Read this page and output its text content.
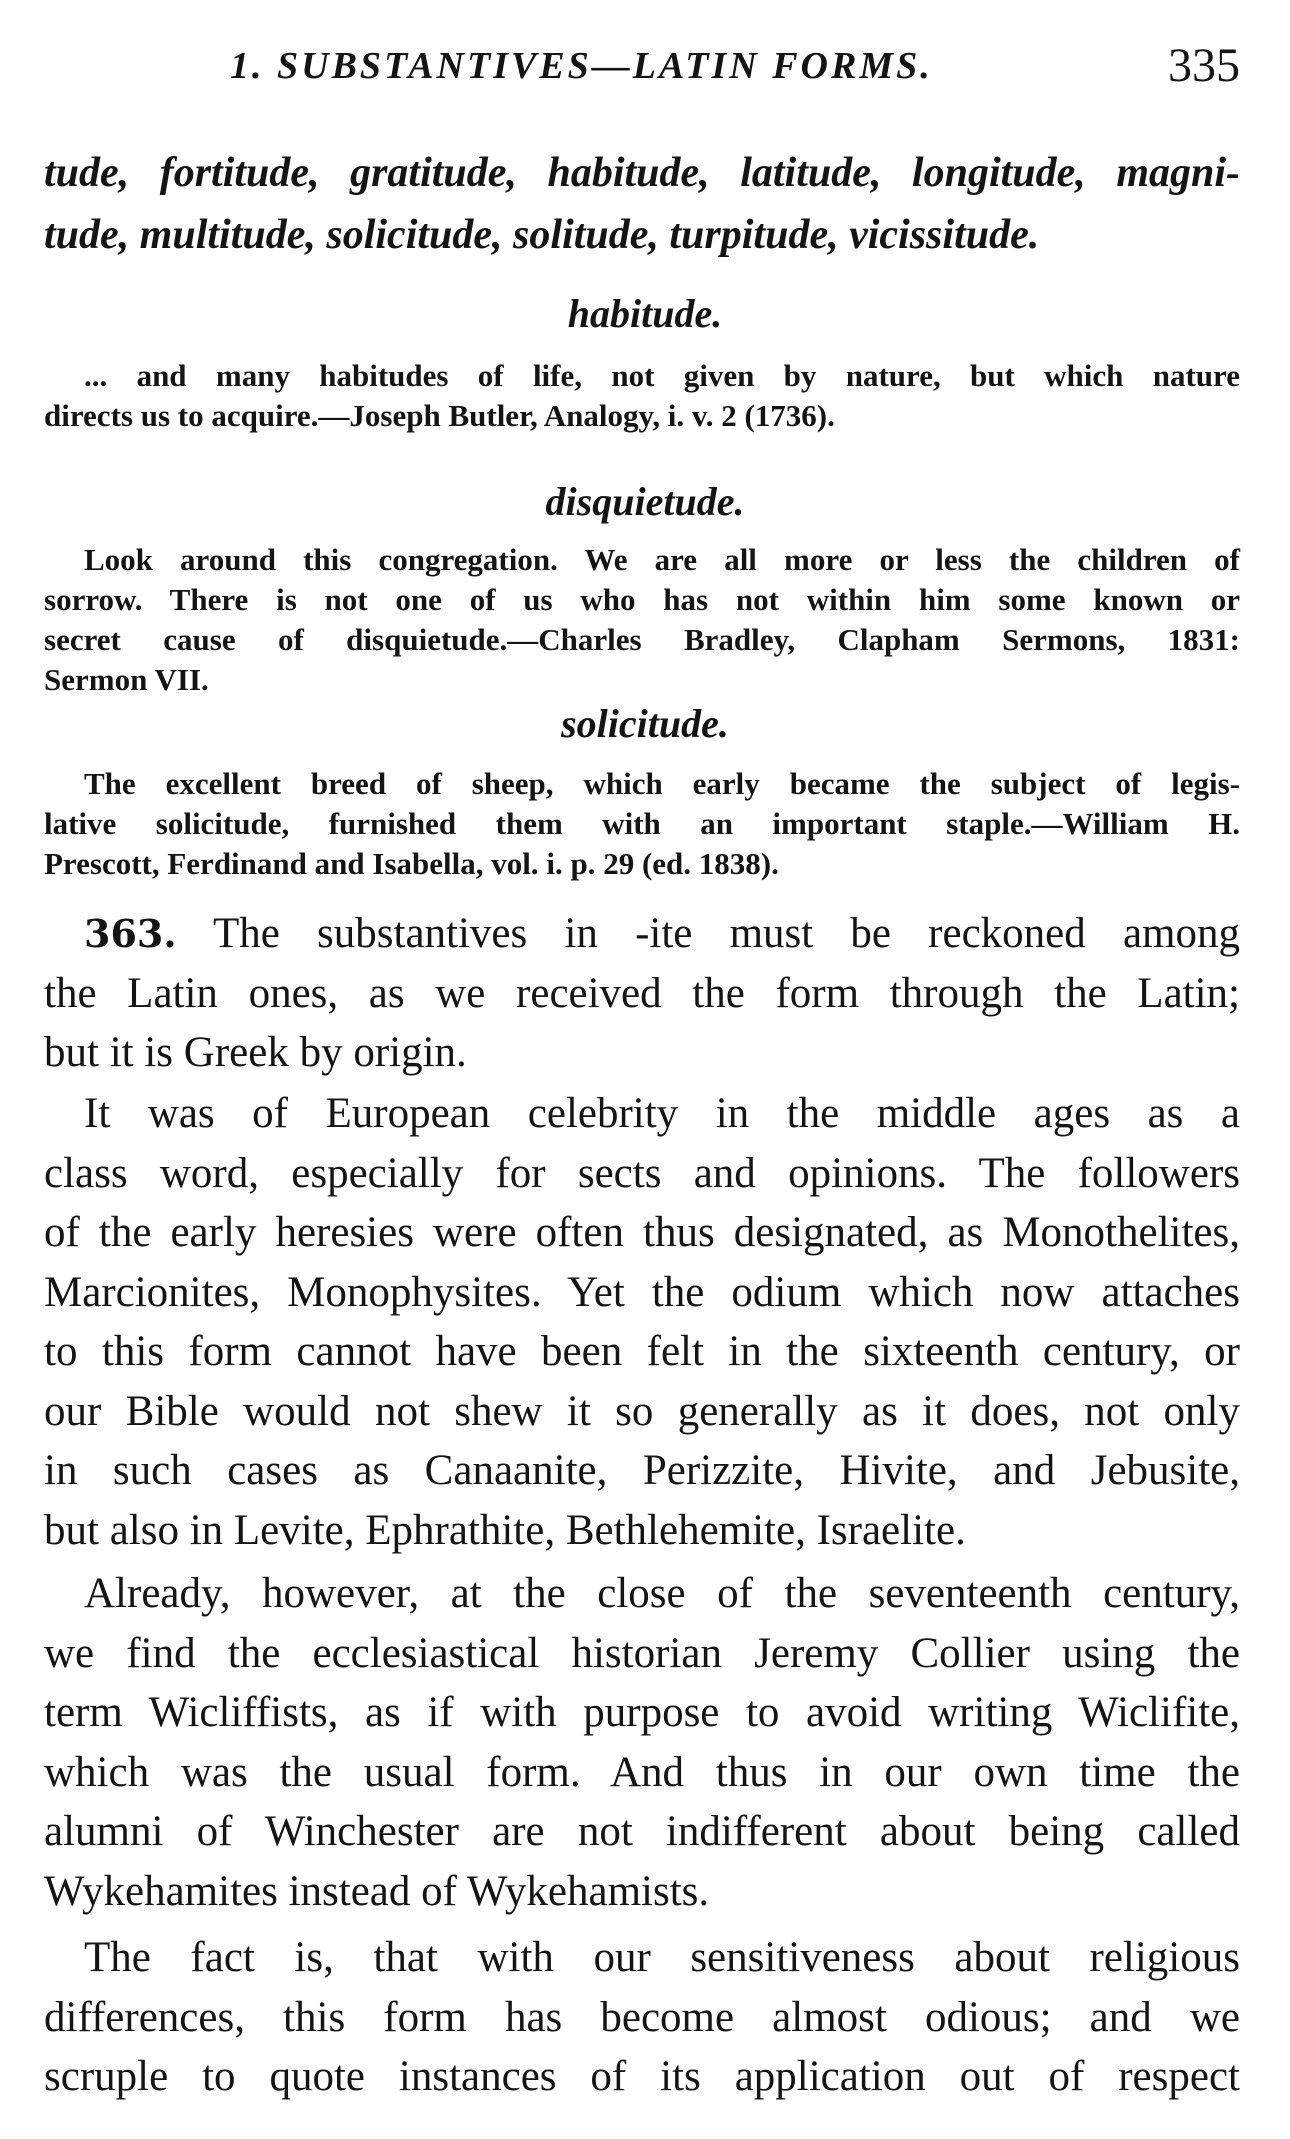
1. SUBSTANTIVES—LATIN FORMS.	335
tude, fortitude, gratitude, habitude, latitude, longitude, magni-
tude, multitude, solicitude, solitude, turpitude, vicissitude.
habitude.
... and many habitudes of life, not given by nature, but which nature
directs us to acquire.—Joseph Butler, Analogy, i. v. 2 (1736).
disquietude.
Look around this congregation. We are all more or less the children of
sorrow. There is not one of us who has not within him some known or
secret cause of disquietude.—Charles Bradley, Clapham Sermons, 1831:
Sermon VII.
solicitude.
The excellent breed of sheep, which early became the subject of legis-
lative solicitude, furnished them with an important staple.—William H.
Prescott, Ferdinand and Isabella, vol. i. p. 29 (ed. 1838).
363. The substantives in -ite must be reckoned among
the Latin ones, as we received the form through the Latin;
but it is Greek by origin.
It was of European celebrity in the middle ages as a
class word, especially for sects and opinions. The followers
of the early heresies were often thus designated, as Monothelites,
Marcionites, Monophysites. Yet the odium which now attaches
to this form cannot have been felt in the sixteenth century, or
our Bible would not shew it so generally as it does, not only
in such cases as Canaanite, Perizzite, Hivite, and Jebusite,
but also in Levite, Ephrathite, Bethlehemite, Israelite.
Already, however, at the close of the seventeenth century,
we find the ecclesiastical historian Jeremy Collier using the
term Wicliffists, as if with purpose to avoid writing Wiclifite,
which was the usual form. And thus in our own time the
alumni of Winchester are not indifferent about being called
Wykehamites instead of Wykehamists.
The fact is, that with our sensitiveness about religious
differences, this form has become almost odious; and we
scruple to quote instances of its application out of respect
